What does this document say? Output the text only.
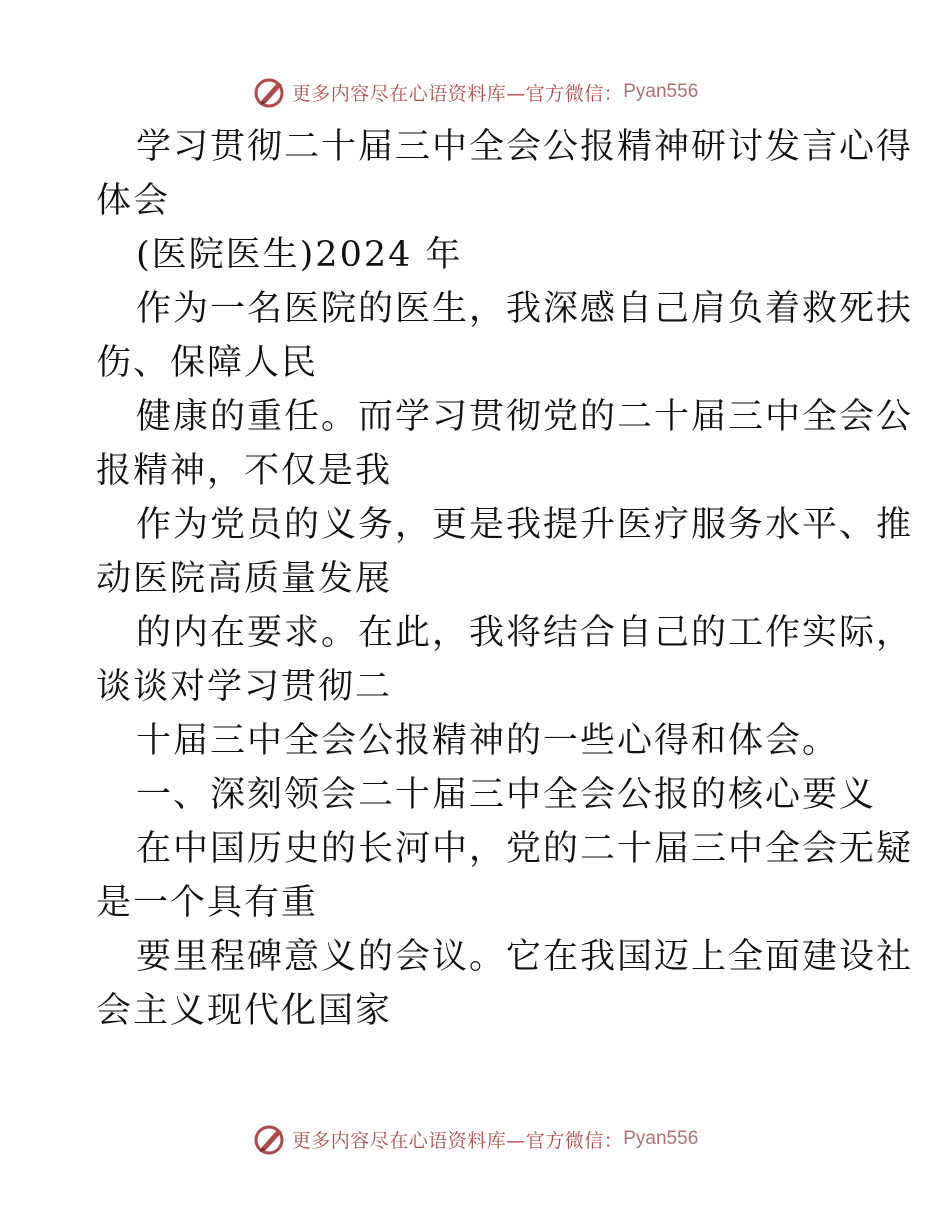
更多内容尽在心语资料库—官方微信： Pyan556
学习贯彻二十届三中全会公报精神研讨发言心得
体会
(医院医生)2024 年
作为一名医院的医生，我深感自己肩负着救死扶
伤、保障人民
健康的重任。而学习贯彻党的二十届三中全会公
报精神，不仅是我
作为党员的义务，更是我提升医疗服务水平、推
动医院高质量发展
的内在要求。在此，我将结合自己的工作实际，
谈谈对学习贯彻二
十届三中全会公报精神的一些心得和体会。
一、深刻领会二十届三中全会公报的核心要义
在中国历史的长河中，党的二十届三中全会无疑
是一个具有重
要里程碑意义的会议。它在我国迈上全面建设社
会主义现代化国家
更多内容尽在心语资料库—官方微信： Pyan556
